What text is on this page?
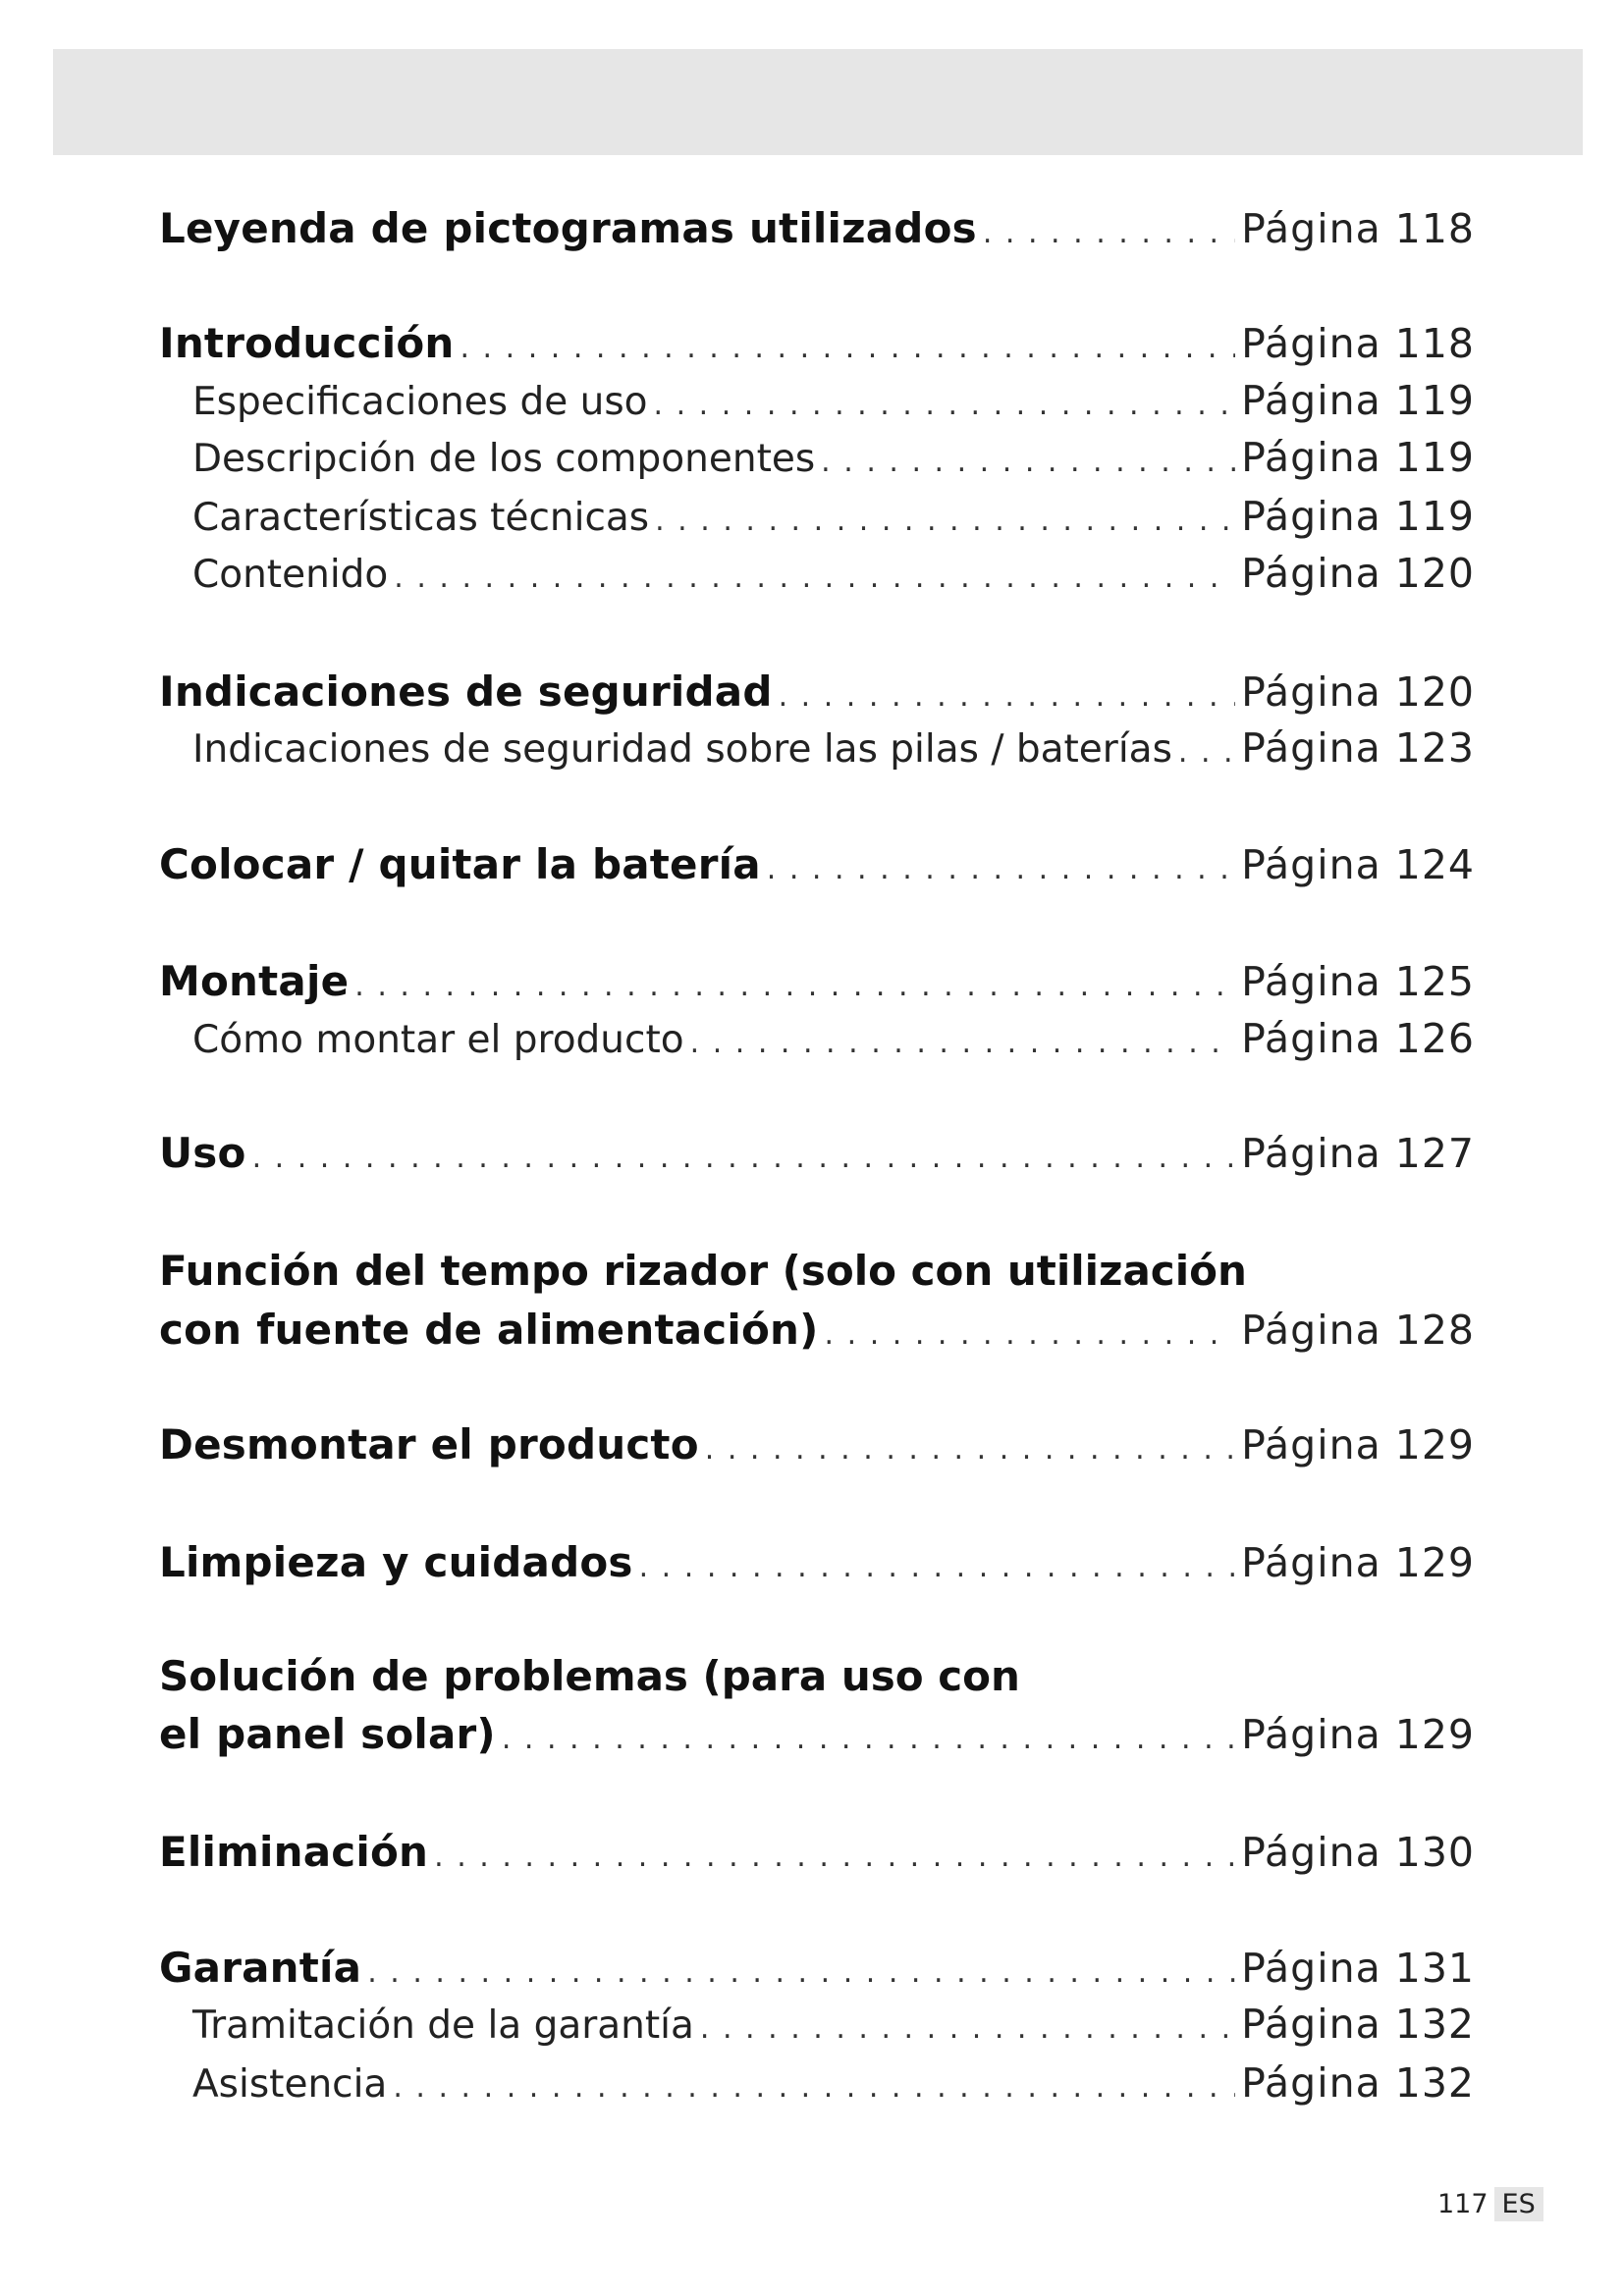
Leyenda de pictogramas utilizados . . .	Página 118
Introducción . . .	Página 118
Especificaciones de uso . . .	Página 119
Descripción de los componentes . . .	Página 119
Características técnicas . . .	Página 119
Contenido . . .	Página 120
Indicaciones de seguridad . . .	Página 120
Indicaciones de seguridad sobre las pilas / baterías . . . Página 123
Colocar / quitar la batería . . .	Página 124
Montaje . . .	Página 125
Cómo montar el producto . . .	Página 126
Uso . . .	Página 127
Función del tempo rizador (solo con utilización
con fuente de alimentación) . . .	Página 128
Desmontar el producto . . .	Página 129
Limpieza y cuidados . . .	Página 129
Solución de problemas (para uso con
el panel solar) . . .	Página 129
Eliminación . . .	Página 130
Garantía . . .	Página 131
Tramitación de la garantía . . .	Página 132
Asistencia . . .	Página 132
117 ES
